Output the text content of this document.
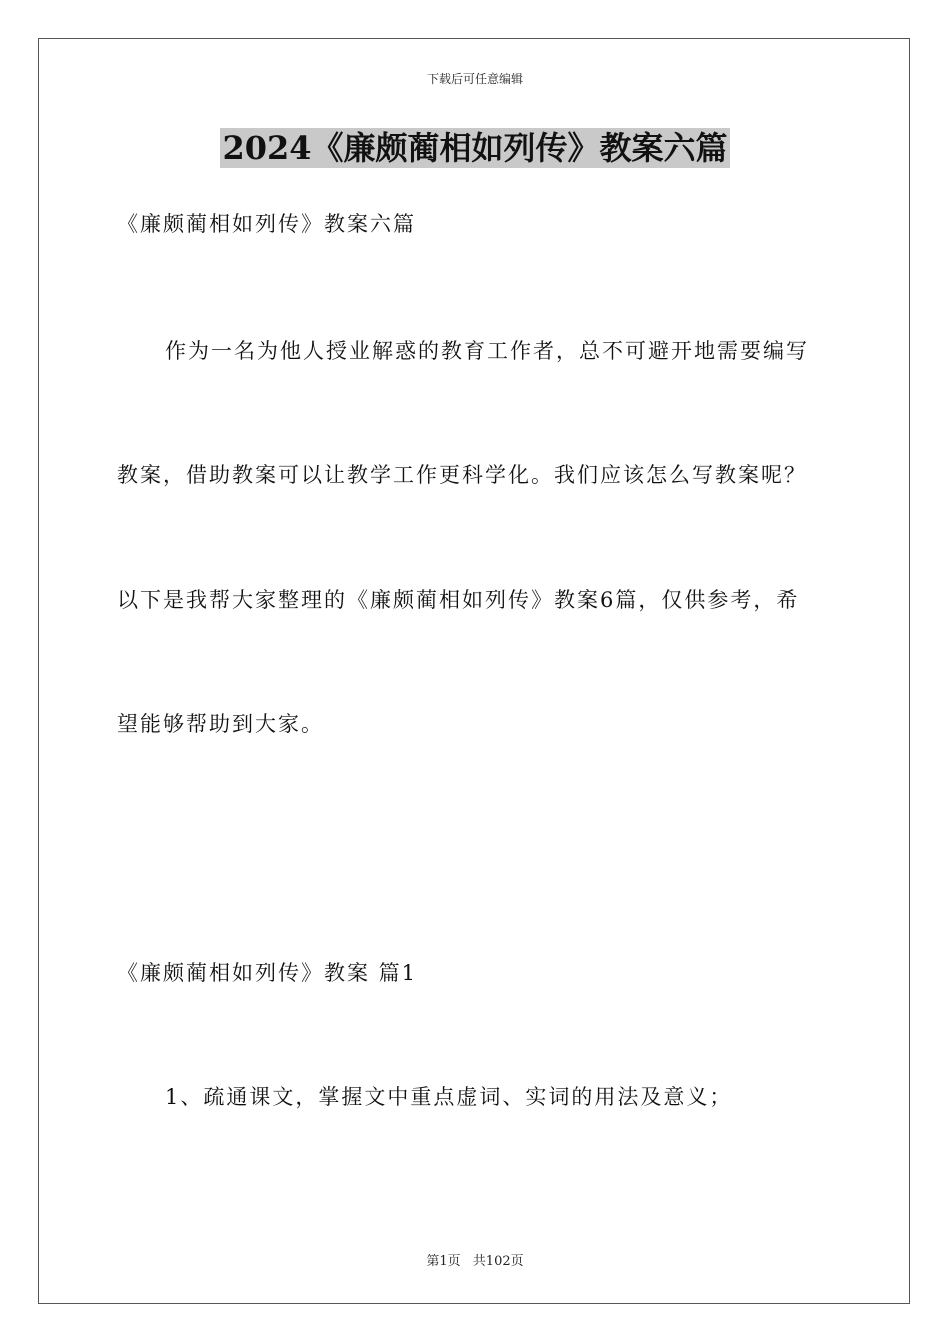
下载后可任意编辑
2024《廉颇蔺相如列传》教案六篇
《廉颇蔺相如列传》教案六篇
作为一名为他人授业解惑的教育工作者，总不可避开地需要编写
教案，借助教案可以让教学工作更科学化。我们应该怎么写教案呢？
以下是我帮大家整理的《廉颇蔺相如列传》教案6篇，仅供参考，希
望能够帮助到大家。
《廉颇蔺相如列传》教案 篇1
1、疏通课文，掌握文中重点虚词、实词的用法及意义；
第1页 共102页
